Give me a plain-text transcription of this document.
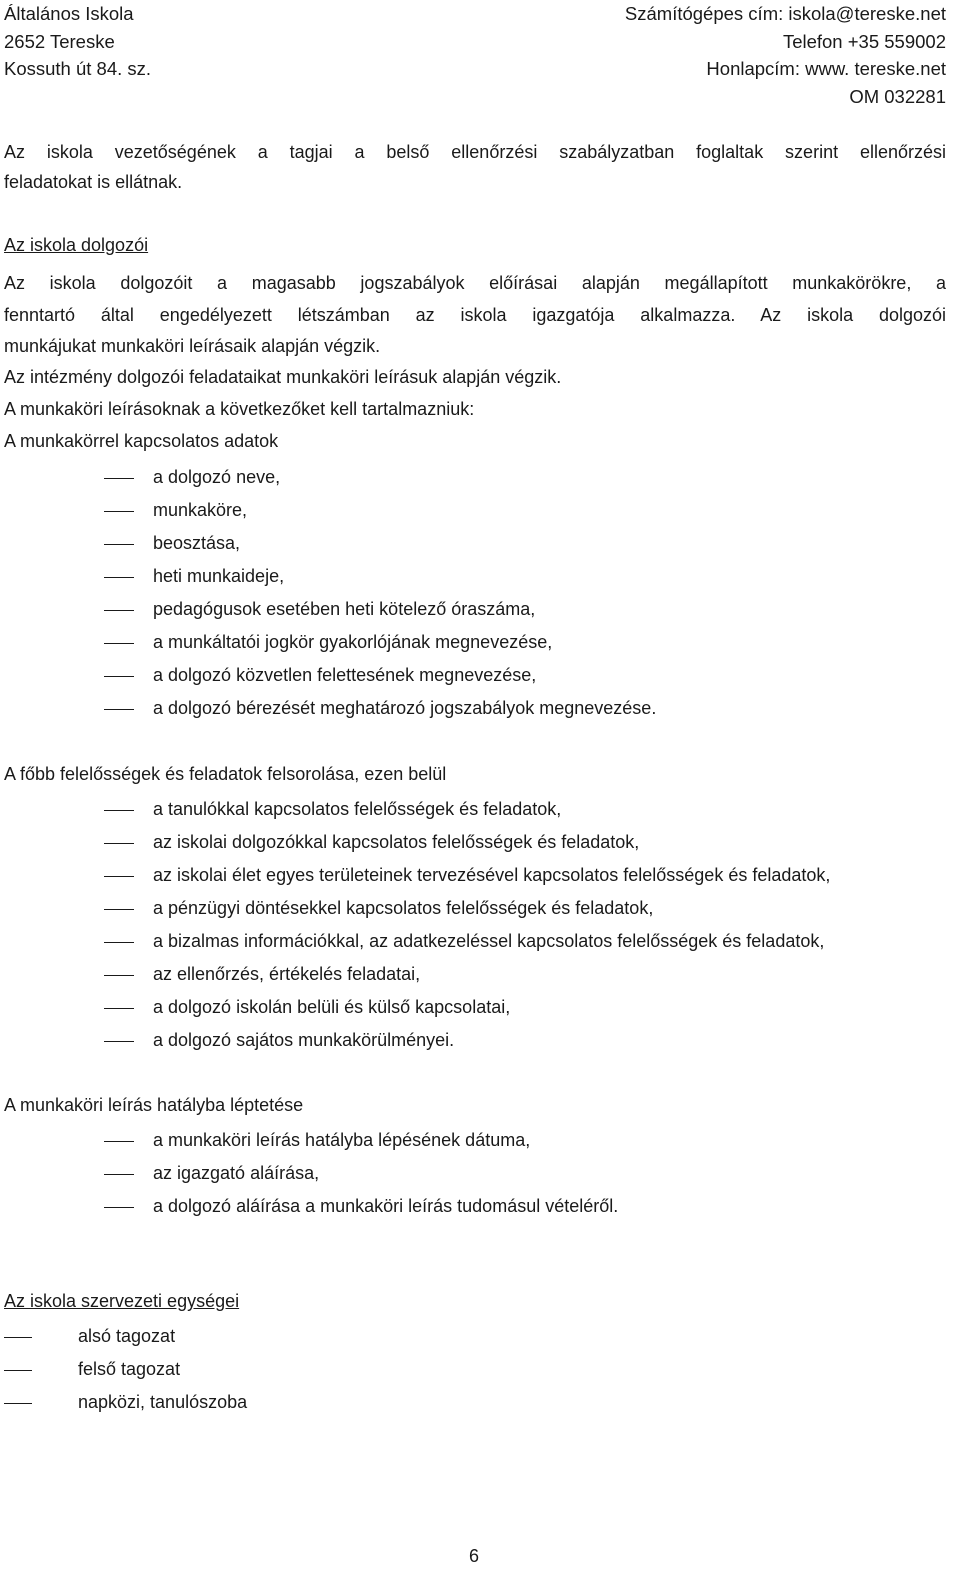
Általános Iskola
2652 Tereske
Kossuth út 84. sz.
Számítógépes cím: iskola@tereske.net
Telefon +35 559002
Honlapcím: www. tereske.net
OM 032281
Az iskola vezetőségének a tagjai a belső ellenőrzési szabályzatban foglaltak szerint ellenőrzési
feladatokat is ellátnak.
Az iskola dolgozói
Az iskola dolgozóit a magasabb jogszabályok előírásai alapján megállapított munkakörökre, a
fenntartó által engedélyezett létszámban az iskola igazgatója alkalmazza. Az iskola dolgozói
munkájukat munkaköri leírásaik alapján végzik.
Az intézmény dolgozói feladataikat munkaköri leírásuk alapján végzik.
A munkaköri leírásoknak a következőket kell tartalmazniuk:
A munkakörrel kapcsolatos adatok
a dolgozó neve,
munkaköre,
beosztása,
heti munkaideje,
pedagógusok esetében heti kötelező óraszáma,
a munkáltatói jogkör gyakorlójának megnevezése,
a dolgozó közvetlen felettesének megnevezése,
a dolgozó bérezését meghatározó jogszabályok megnevezése.
A főbb felelősségek és feladatok felsorolása, ezen belül
a tanulókkal kapcsolatos felelősségek és feladatok,
az iskolai dolgozókkal kapcsolatos felelősségek és feladatok,
az iskolai élet egyes területeinek tervezésével kapcsolatos felelősségek és feladatok,
a pénzügyi döntésekkel kapcsolatos felelősségek és feladatok,
a bizalmas információkkal, az adatkezeléssel kapcsolatos felelősségek és feladatok,
az ellenőrzés, értékelés feladatai,
a dolgozó iskolán belüli és külső kapcsolatai,
a dolgozó sajátos munkakörülményei.
A munkaköri leírás hatályba léptetése
a munkaköri leírás hatályba lépésének dátuma,
az igazgató aláírása,
a dolgozó aláírása a munkaköri leírás tudomásul vételéről.
Az iskola szervezeti egységei
alsó tagozat
felső tagozat
napközi, tanulószoba
6
